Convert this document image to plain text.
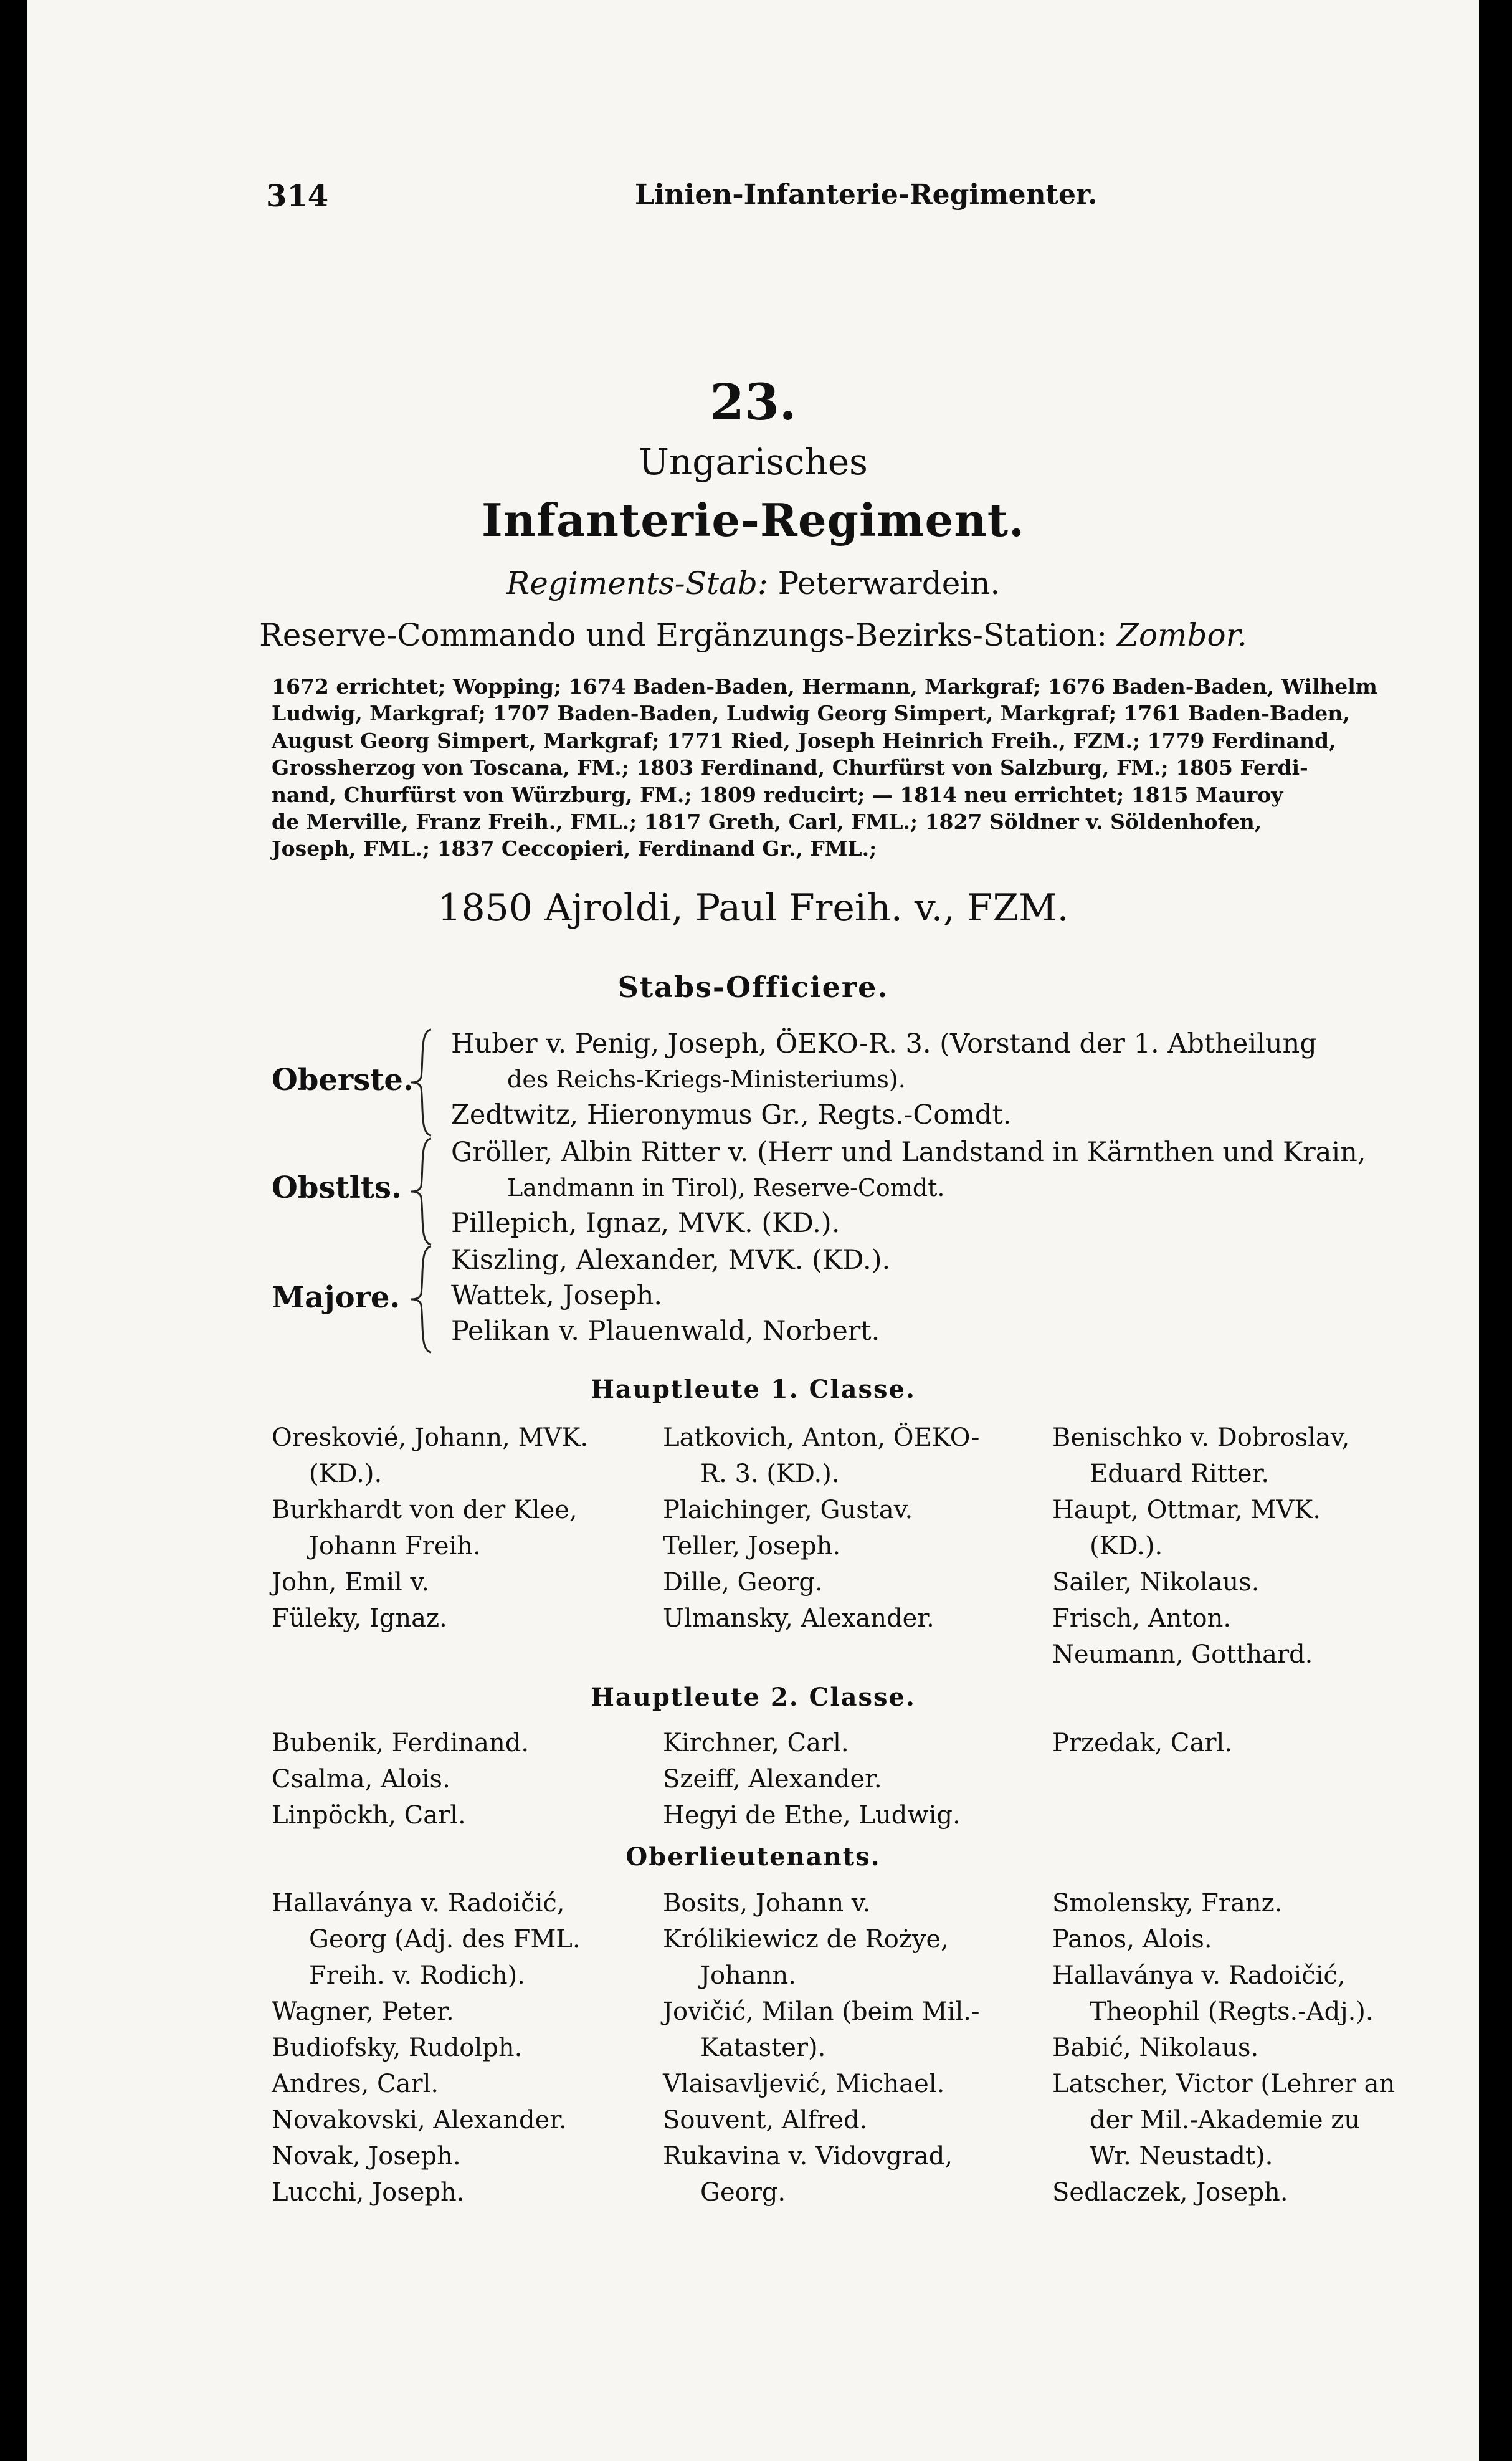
314	Linien-Infanterie-Regimenter.
23.
Ungarisches
Infanterie-Regiment.
Regiments-Stab: Peterwardein.
Reserve-Commando und Ergänzungs-Bezirks-Station: Zombor.
1672 errichtet; Wopping; 1674 Baden-Baden, Hermann, Markgraf; 1676 Baden-Baden, Wilhelm
Ludwig, Markgraf; 1707 Baden-Baden, Ludwig Georg Simpert, Markgraf; 1761 Baden-Baden,
August Georg Simpert, Markgraf; 1771 Ried, Joseph Heinrich Freih., FZM.; 1779 Ferdinand,
Grossherzog von Toscana, FM.; 1803 Ferdinand, Churfürst von Salzburg, FM.; 1805 Ferdi-
nand, Churfürst von Würzburg, FM.; 1809 reducirt; — 1814 neu errichtet; 1815 Mauroy
de Merville, Franz Freih., FML.; 1817 Greth, Carl, FML.; 1827 Söldner v. Söldenhofen,
Joseph, FML.; 1837 Ceccopieri, Ferdinand Gr., FML.;
1850 Ajroldi, Paul Freih. v., FZM.
Stabs-Officiere.
Oberste.
Huber v. Penig, Joseph, ÖEKO-R. 3. (Vorstand der 1. Abtheilung
des Reichs-Kriegs-Ministeriums).
Zedtwitz, Hieronymus Gr., Regts.-Comdt.
Obstlts.
Gröller, Albin Ritter v. (Herr und Landstand in Kärnthen und Krain,
Landmann in Tirol), Reserve-Comdt.
Pillepich, Ignaz, MVK. (KD.).
Majore.
Kiszling, Alexander, MVK. (KD.).
Wattek, Joseph.
Pelikan v. Plauenwald, Norbert.
Hauptleute 1. Classe.
Oreskovié, Johann, MVK.
(KD.).
Burkhardt von der Klee,
Johann Freih.
John, Emil v.
Füleky, Ignaz.
Latkovich, Anton, ÖEKO-
R. 3. (KD.).
Plaichinger, Gustav.
Teller, Joseph.
Dille, Georg.
Ulmansky, Alexander.
Benischko v. Dobroslav,
Eduard Ritter.
Haupt, Ottmar, MVK.
(KD.).
Sailer, Nikolaus.
Frisch, Anton.
Neumann, Gotthard.
Hauptleute 2. Classe.
Bubenik, Ferdinand.
Csalma, Alois.
Linpöckh, Carl.
Kirchner, Carl.
Szeiff, Alexander.
Hegyi de Ethe, Ludwig.
Przedak, Carl.
Oberlieutenants.
Hallaványa v. Radoičić,
Georg (Adj. des FML.
Freih. v. Rodich).
Wagner, Peter.
Budiofsky, Rudolph.
Andres, Carl.
Novakovski, Alexander.
Novak, Joseph.
Lucchi, Joseph.
Bosits, Johann v.
Królikiewicz de Rożye,
Johann.
Jovičić, Milan (beim Mil.-
Kataster).
Vlaisavljević, Michael.
Souvent, Alfred.
Rukavina v. Vidovgrad,
Georg.
Smolensky, Franz.
Panos, Alois.
Hallaványa v. Radoičić,
Theophil (Regts.-Adj.).
Babić, Nikolaus.
Latscher, Victor (Lehrer an
der Mil.-Akademie zu
Wr. Neustadt).
Sedlaczek, Joseph.
